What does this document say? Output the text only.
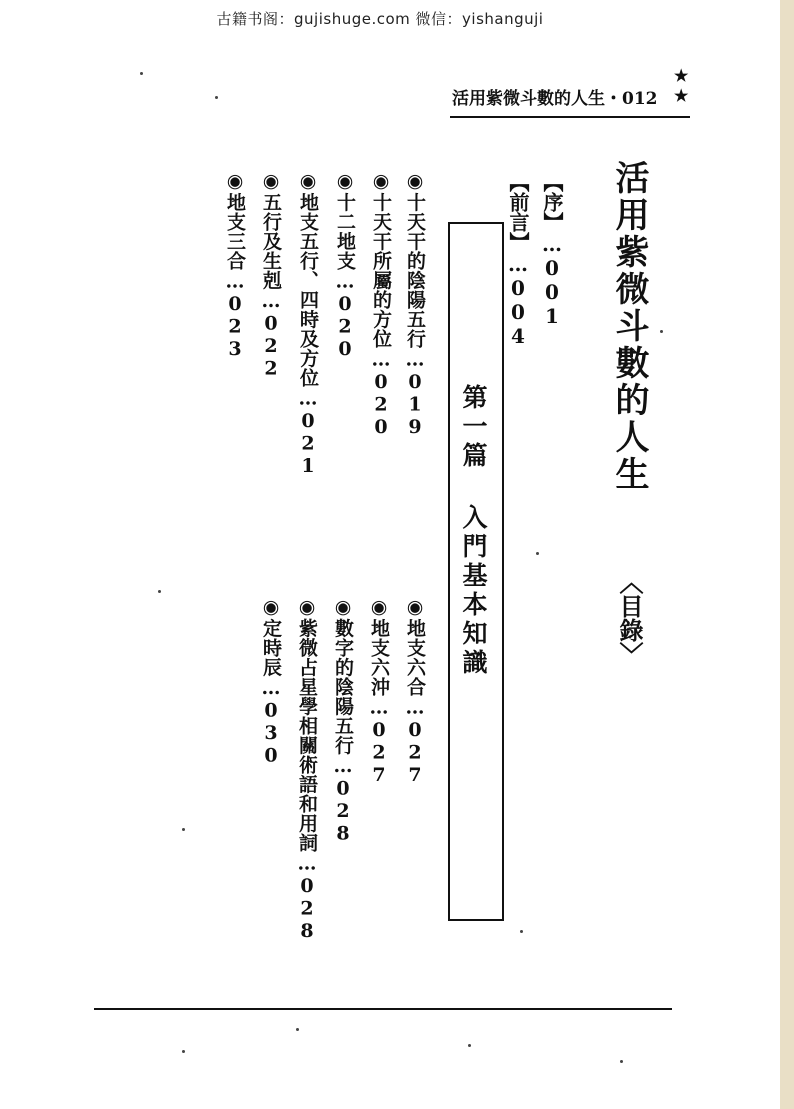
古籍书阁：gujishuge.com 微信：yishanguji
活用紫微斗數的人生・012
★
★
活用紫微斗數的人生
〈目錄〉
【序】…001
【前言】…004
第一篇 入門基本知識
◉十天干的陰陽五行…019
◉十天干所屬的方位…020
◉十二地支…020
◉地支五行、四時及方位…021
◉五行及生剋…022
◉地支三合…023
◉地支六合…027
◉地支六沖…027
◉數字的陰陽五行…028
◉紫微占星學相關術語和用詞…028
◉定時辰…030
